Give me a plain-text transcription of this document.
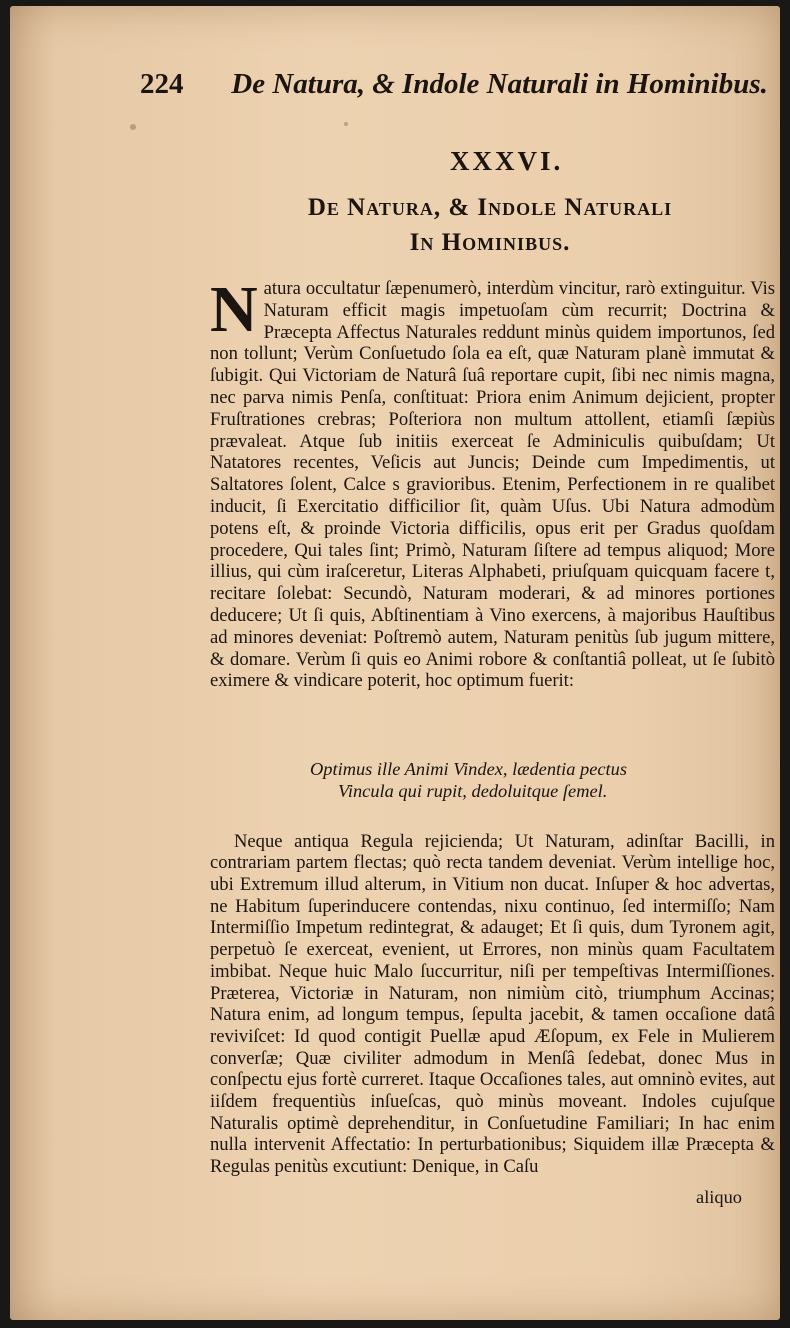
224 De Natura, & Indole Naturali in Hominibus.
XXXVI.
De Natura, & Indole Naturali
In Hominibus.
N atura occultatur ſæpenumerò, interdùm vincitur, rarò extinguitur. Vis Naturam efficit magis impetuoſam cùm recurrit; Doctrina & Præcepta Affectus Naturales reddunt minùs quidem importunos, ſed non tollunt; Verùm Conſuetudo ſola ea eſt, quæ Naturam planè immutat & ſubigit. Qui Victoriam de Naturâ ſuâ reportare cupit, ſibi nec nimis magna, nec parva nimis Penſa, conſtituat: Priora enim Animum dejicient, propter Fruſtrationes crebras; Poſteriora non multum attollent, etiamſi ſæpiùs prævaleat. Atque ſub initiis exerceat ſe Adminiculis quibuſdam; Ut Natatores recentes, Veſicis aut Juncis; Deinde cum Impedimentis, ut Saltatores ſolent, Calce s gravioribus. Etenim, Perfectionem in re qualibet inducit, ſi Exercitatio difficilior ſit, quàm Uſus. Ubi Natura admodùm potens eſt, & proinde Victoria difficilis, opus erit per Gradus quoſdam procedere, Qui tales ſint; Primò, Naturam ſiſtere ad tempus aliquod; More illius, qui cùm iraſceretur, Literas Alphabeti, priuſquam quicquam facere t, recitare ſolebat: Secundò, Naturam moderari, & ad minores portiones deducere; Ut ſi quis, Abſtinentiam à Vino exercens, à majoribus Hauſtibus ad minores deveniat: Poſtremò autem, Naturam penitùs ſub jugum mittere, & domare. Verùm ſi quis eo Animi robore & conſtantiâ polleat, ut ſe ſubitò eximere & vindicare poterit, hoc optimum fuerit:

Optimus ille Animi Vindex, lædentia pectus
Vincula qui rupit, dedoluitque ſemel.

Neque antiqua Regula rejicienda; Ut Naturam, adinſtar Bacilli, in contrariam partem flectas; quò recta tandem deveniat. Verùm intellige hoc, ubi Extremum illud alterum, in Vitium non ducat. Inſuper & hoc advertas, ne Habitum ſuperinducere contendas, nixu continuo, ſed intermiſſo; Nam Intermiſſio Impetum redintegrat, & adauget; Et ſi quis, dum Tyronem agit, perpetuò ſe exerceat, evenient, ut Errores, non minùs quam Facultatem imbibat. Neque huic Malo ſuccurritur, niſi per tempeſtivas Intermiſſiones. Præterea, Victoriæ in Naturam, non nimiùm citò, triumphum Accinas; Natura enim, ad longum tempus, ſepulta jacebit, & tamen occaſione datâ reviviſcet: Id quod contigit Puellæ apud Æſopum, ex Fele in Mulierem converſæ; Quæ civiliter admodum in Menſâ ſedebat, donec Mus in conſpectu ejus fortè curreret. Itaque Occaſiones tales, aut omninò evites, aut iiſdem frequentiùs inſueſcas, quò minùs moveant. Indoles cujuſque Naturalis optimè deprehenditur, in Conſuetudine Familiari; In hac enim nulla intervenit Affectatio: In perturbationibus; Siquidem illæ Præcepta & Regulas penitùs excutiunt: Denique, in Caſu

aliquo
